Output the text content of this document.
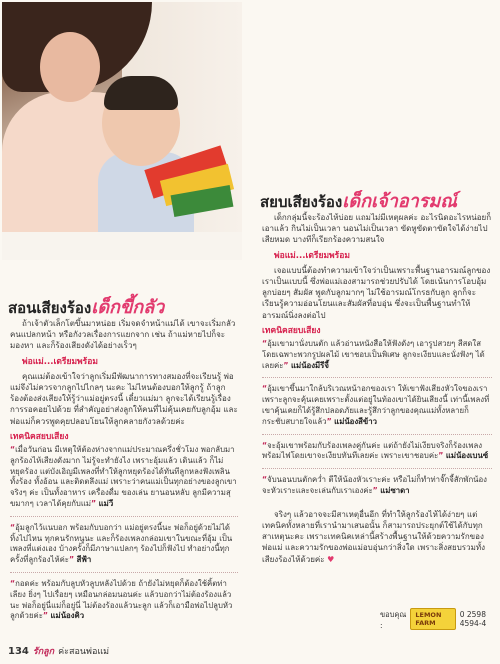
สอนเสียงร้องเด็กขี้กลัว

ถ้าเจ้าตัวเล็กโตขึ้นมาหน่อย เริ่มจดจำหน้าแม่ได้ เขาจะเริ่มกลัวคนแปลกหน้า หรือกังวลเรื่องการแยกจาก เช่น ถ้าแม่หายไปก็จะมองหา และก็ร้องเสียงดังได้อย่างเร็วๆ

พ่อแม่...เตรียมพร้อม

คุณแม่ต้องเข้าใจว่าลูกเริ่มมีพัฒนาการทางสมองที่จะเรียนรู้ พ่อแม่จึงไม่ควรจากลูกไปไกลๆ นะคะ ไม่ไหนต้องบอกให้ลูกรู้ ถ้าลูกร้องต้องส่งเสียงให้รู้ว่าแม่อยู่ตรงนี้ เดี๋ยวแม่มา ลูกจะได้เรียนรู้เรื่องการรอคอยไปด้วย ที่สำคัญอย่าส่งลูกให้คนที่ไม่คุ้นเคยกับลูกอุ้ม และพ่อแม่ก็ควรพูดคุยปลอบโยนให้ลูกคลายกังวลด้วยค่ะ

เทคนิคสยบเสียง
“เมื่อวันก่อน มีเหตุให้ต้องห่างจากแม่ประมาณครึ่งชั่วโมง พอกลับมาลูกร้องไห้เสียงดังมาก ไม่รู้จะทำยังไง เพราะอุ้มแล้ว เดินแล้ว ก็ไม่หยุดร้อง แต่บังเอิญมีเพลงที่ทำให้ลูกหยุดร้องได้ทันทีลูกหลงฟังเพลิน ทั้งร้อง ทั้งอ้อน และติดตลึงแม่ เพราะว่าคนแม่เป็นทุกอย่างของลูกเขาจริงๆ ค่ะ เป็นทั้งอาหาร เครื่องดื่ม ของเล่น ยานอนหลับ ลูกมีความสุขมากๆ เวลาได้คุยกับแม่” แม่วี
“อุ้มลูกไว้แนบอก พร้อมกับบอกว่า แม่อยู่ตรงนี้นะ พ่อก็อยู่ด้วยไม่ได้ทิ้งไปไหน ทุกคนรักหนูนะ และก็ร้องเพลงกล่อมเขาในขณะที่อุ้ม เป็นเพลงที่แต่งเอง บ้างครั้งก็มีภาษาแปลกๆ ร้องไปก็ฟังไป ทำอย่างนี้ทุกครั้งที่ลูกร้องไห้ค่ะ” สีฟ้า
“กอดค่ะ พร้อมกับลูบหัวลูบหลังไปด้วย ถ้ายังไม่หยุดก็ต้องใช้คิ้ตท่าเลียง ยิ่งๆ ไปเรื่อยๆ เหมือนกล่อมนอนค่ะ แล้วบอกว่าไม่ต้องร้องแล้วนะ พ่อก็อยู่นี่แม่ก็อยู่นี่ ไม่ต้องร้องแล้วนะลูก แล้วก็เอามือพ่อไปลูบหัวลูกด้วยค่ะ” แม่น้องคิว
สยบเสียงร้องเด็กเจ้าอารมณ์

เด็กกลุ่มนี้จะร้องไห้บ่อย แถมไม่มีเหตุผลค่ะ อะไรนิดอะไรหน่อยก็เอาแล้ว กินไม่เป็นเวลา นอนไม่เป็นเวลา ขัดหูขัดตาขัดใจได้ง่ายไปเสียหมด บางทีก็เรียกร้องความสนใจ

พ่อแม่...เตรียมพร้อม

เจอแบบนี้ต้องทำความเข้าใจว่าเป็นเพราะพื้นฐานอารมณ์ลูกของเราเป็นแบบนี้ ซึ่งพ่อแม่เองสามารถช่วยปรับได้ โดยเน้นการโอบอุ้มลูกบ่อยๆ สัมผัส พูดกับลูกมากๆ ไม่ใช้อารมณ์โกรธกับลูก ลูกก็จะเรียนรู้ความอ่อนโยนและสัมผัสที่อบอุ่น ซึ่งจะเป็นพื้นฐานทำให้อารมณ์นิ่งลงต่อไป

เทคนิคสยบเสียง
“อุ้มเขามานั่งบนตัก แล้วอ่านหนังสือให้ฟังดังๆ เอารูปสวยๆ สีสดใส โดยเฉพาะพวกรูปผลไม้ เขาชอบเป็นพิเศษ ลูกจะเงียบและนั่งฟังๆ ได้เลยค่ะ” แม่น้องมีรีจี้
“อุ้มเขาขึ้นมาใกล้บริเวณหน้าอกของเรา ให้เขาฟังเสียงหัวใจของเราเพราะลูกจะคุ้นเคยเพราะตั้งแต่อยู่ในท้องเขาได้ยินเสียงนี้ เท่านี้เพลงที่เขาคุ้นเคยก็ได้รู้สึกปลอดภัยและรู้สึกว่าลูกของคุณแม่ทั้งหลายก็กระชับสบายใจแล้ว” แม่น้องสีข้าว
“จะอุ้มเขาพร้อมกับร้องเพลงคู่กันค่ะ แต่ถ้ายังไม่เงียบจริงก็ร้องเพลงพร้อมไฟโดยเขาจะเงียบทันทีเลยค่ะ เพราะเขาชอบค่ะ” แม่น้องเบนซ์
“จับนอนบนตักคว่ำ ตีให้น้องหัวเราะค่ะ หรือไม่ก็ทำท่าจั๊กจี้สักพักน้องจะหัวเราะและจะเล่นกับเราเองค่ะ” แม่ซาดา

จริงๆ แล้วอาจจะมีสาเหตุอื่นอีก ที่ทำให้ลูกร้องไห้ได้ง่ายๆ แต่เทคนิคทั้งหลายที่เรานำมาเสนอนั้น ก็สามารถประยุกต์ใช้ได้กับทุกสาเหตุนะคะ เพราะเทคนิคเหล่านี้สร้างพื้นฐานให้ด้วยความรักของพ่อแม่ และความรักของพ่อแม่อบอุ่นกว่าสิ่งใด เพราะสิ่งสยบรวมทั้งเสียงร้องไห้ด้วยค่ะ ♥

ขอบคุณ :
LEMON FARM
0 2598 4594-4
134 รักลูก ค่ะสอนพ่อแม่
